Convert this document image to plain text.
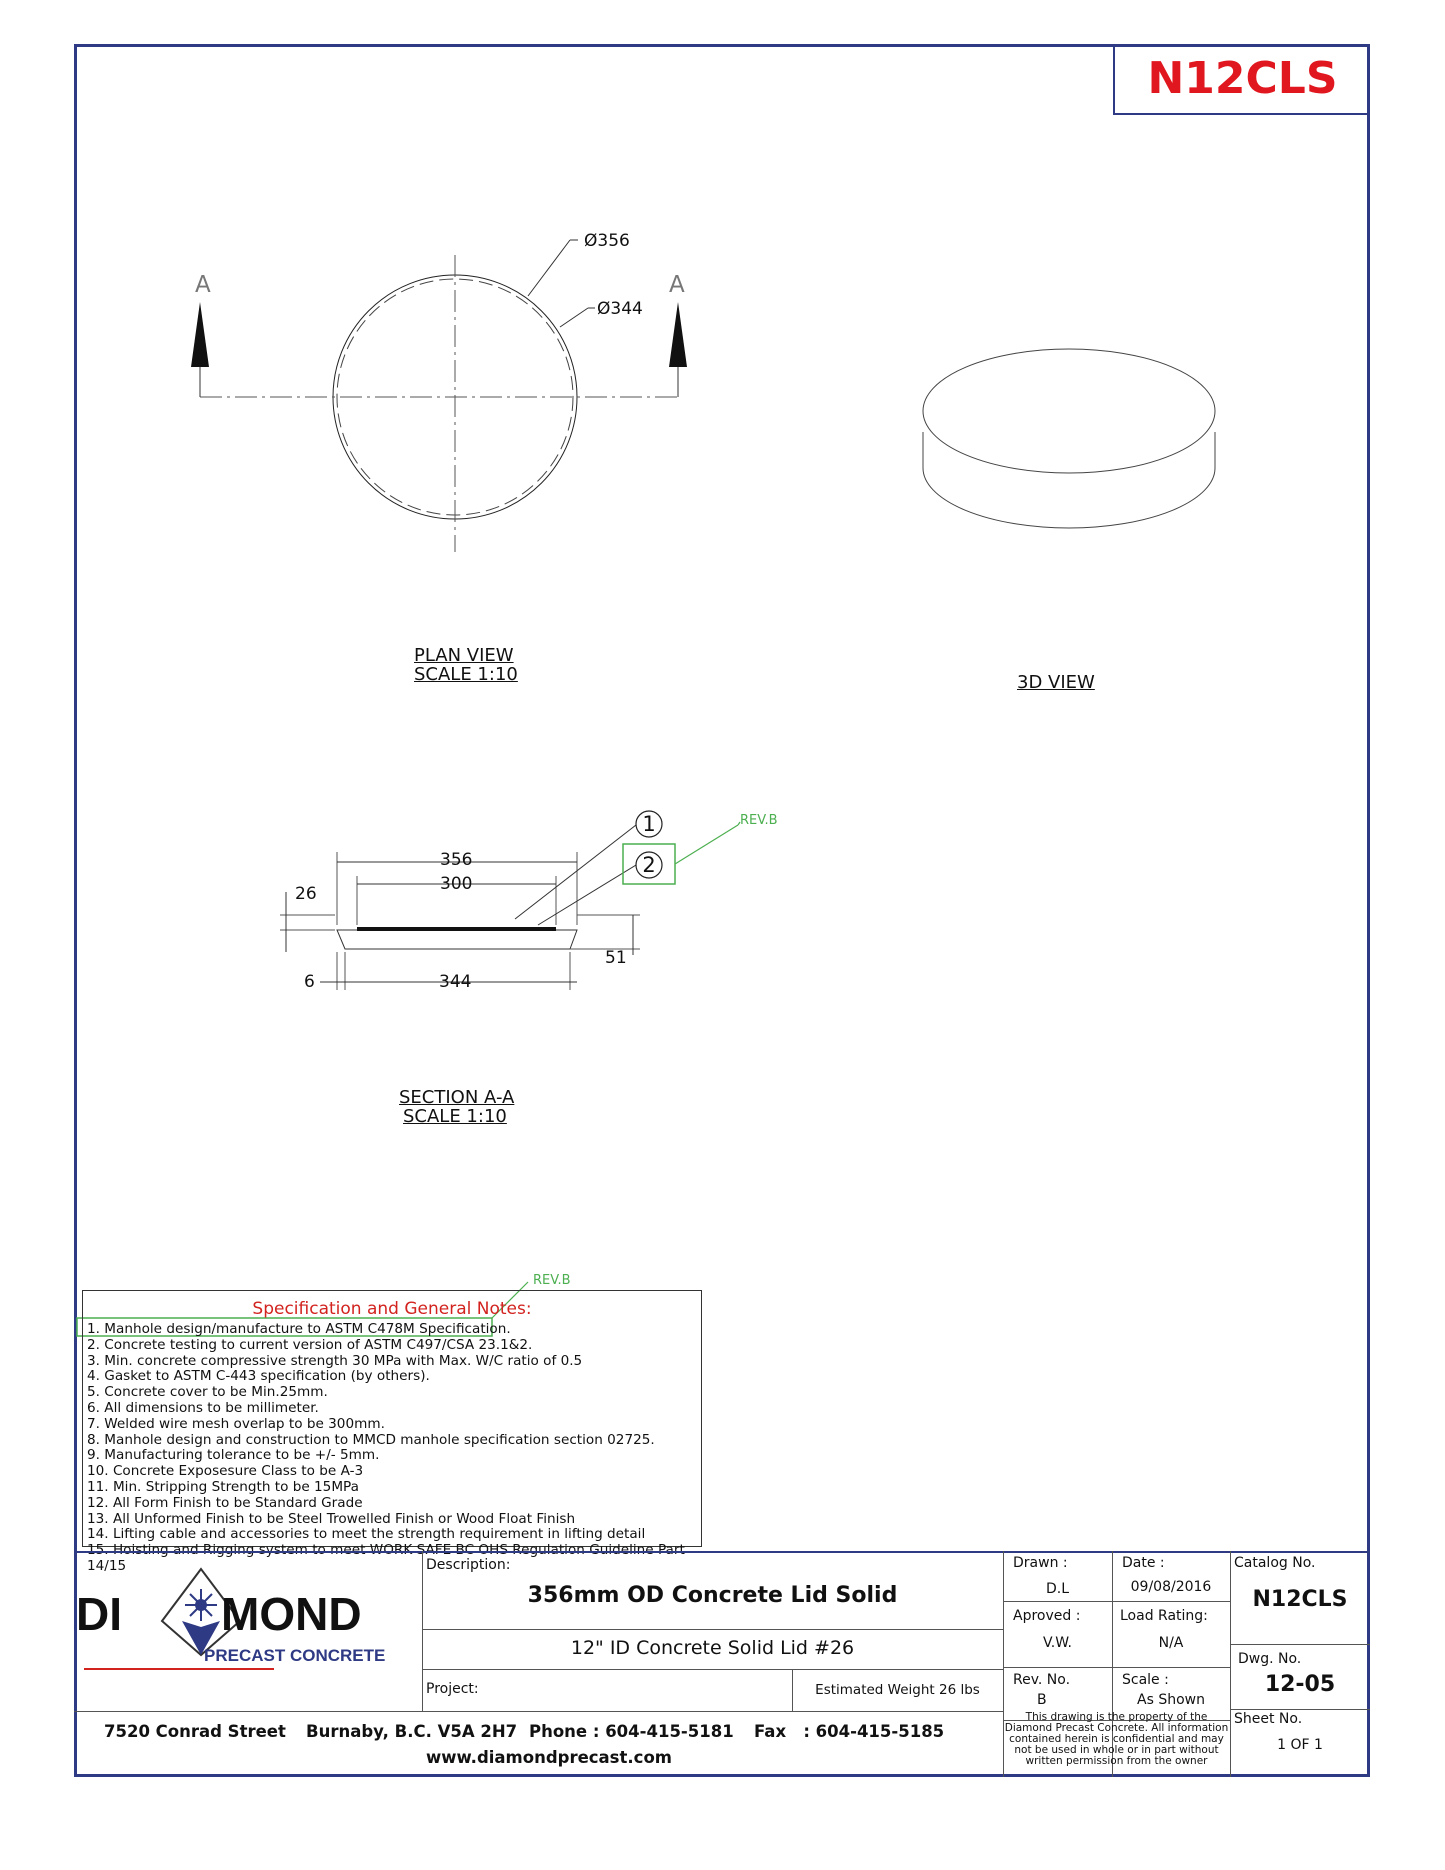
N12CLS
Ø356
Ø344
A	A
356
300
26
6	344
51
1
2
REV.B
REV.B
PLAN VIEW
SCALE 1:10	3D VIEW
SECTION A-A
SCALE 1:10
Specification and General Notes:
1. Manhole design/manufacture to ASTM C478M Specification.
2. Concrete testing to current version of ASTM C497/CSA 23.1&2.
3. Min. concrete compressive strength 30 MPa with Max. W/C ratio of 0.5
4. Gasket to ASTM C-443 specification (by others).
5. Concrete cover to be Min.25mm.
6. All dimensions to be millimeter.
7. Welded wire mesh overlap to be 300mm.
8. Manhole design and construction to MMCD manhole specification section 02725.
9. Manufacturing tolerance to be +/- 5mm.
10. Concrete Exposesure Class to be A-3
11. Min. Stripping Strength to be 15MPa
12. All Form Finish to be Standard Grade
13. All Unformed Finish to be Steel Trowelled Finish or Wood Float Finish
14. Lifting cable and accessories to meet the strength requirement in lifting detail
14/15
DI MOND
PRECAST CONCRETE
Description:
356mm OD Concrete Lid Solid
12" ID Concrete Solid Lid #26
Project:	Estimated Weight 26 lbs
Drawn :
D.L
Date :
09/08/2016
Aproved :
V.W.
Load Rating:
N/A
Rev. No.
B
Scale :
As Shown
Catalog No.
N12CLS
Dwg. No.
12-05
Sheet No.
1 OF 1
This drawing is the property of the Diamond Precast Concrete. All information contained herein is confidential and may not be used in whole or in part without written permission from the owner
7520 Conrad Street Burnaby, B.C. V5A 2H7 Phone : 604-415-5181 Fax   : 604-415-5185
www.diamondprecast.com
